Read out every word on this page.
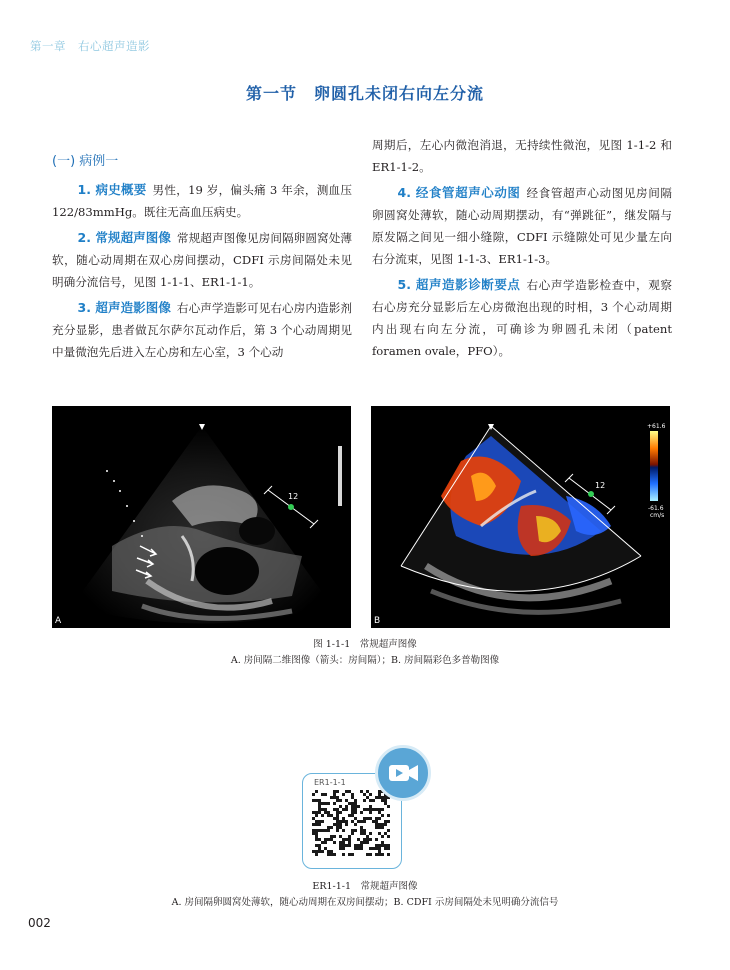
第一章　右心超声造影
第一节　卵圆孔未闭右向左分流
(一) 病例一

1. 病史概要 男性，19 岁，偏头痛 3 年余，测血压 122/83mmHg。既往无高血压病史。

2. 常规超声图像 常规超声图像见房间隔卵圆窝处薄软，随心动周期在双心房间摆动，CDFI 示房间隔处未见明确分流信号，见图 1-1-1、ER1-1-1。

3. 超声造影图像 右心声学造影可见右心房内造影剂充分显影，患者做瓦尔萨尔瓦动作后，第 3 个心动周期见中量微泡先后进入左心房和左心室，3 个心动

周期后，左心内微泡消退，无持续性微泡，见图 1-1-2 和 ER1-1-2。

4. 经食管超声心动图 经食管超声心动图见房间隔卵圆窝处薄软，随心动周期摆动，有“弹跳征”，继发隔与原发隔之间见一细小缝隙，CDFI 示缝隙处可见少量左向右分流束，见图 1-1-3、ER1-1-3。

5. 超声造影诊断要点 右心声学造影检查中，观察右心房充分显影后左心房微泡出现的时相，3 个心动周期内出现右向左分流，可确诊为卵圆孔未闭（patent foramen ovale，PFO）。

12
A
+61.6
-61.6
cm/s
12
B
图 1-1-1　常规超声图像
A. 房间隔二维图像（箭头：房间隔）；B. 房间隔彩色多普勒图像
ER1-1-1
ER1-1-1　常规超声图像
A. 房间隔卵圆窝处薄软，随心动周期在双房间摆动；B. CDFI 示房间隔处未见明确分流信号
002
